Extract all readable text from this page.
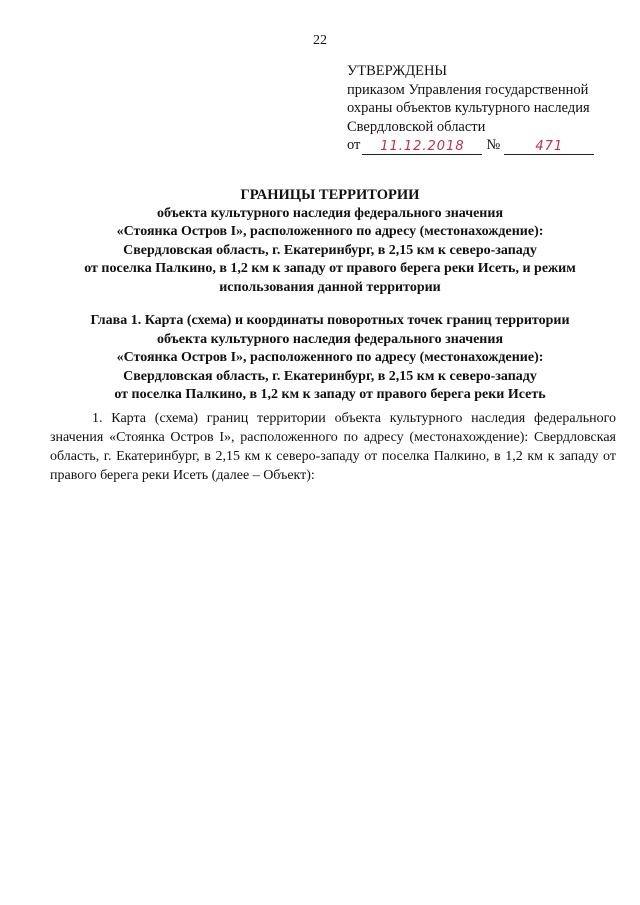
22
УТВЕРЖДЕНЫ
приказом Управления государственной
охраны объектов культурного наследия
Свердловской области
от	11.12.2018	№	471
ГРАНИЦЫ ТЕРРИТОРИИ
объекта культурного наследия федерального значения
«Стоянка Остров I», расположенного по адресу (местонахождение):
Свердловская область, г. Екатеринбург, в 2,15 км к северо-западу
от поселка Палкино, в 1,2 км к западу от правого берега реки Исеть, и режим
использования данной территории
Глава 1. Карта (схема) и координаты поворотных точек границ территории
объекта культурного наследия федерального значения
«Стоянка Остров I», расположенного по адресу (местонахождение):
Свердловская область, г. Екатеринбург, в 2,15 км к северо-западу
от поселка Палкино, в 1,2 км к западу от правого берега реки Исеть
1. Карта (схема) границ территории объекта культурного наследия федерального значения «Стоянка Остров I», расположенного по адресу (местонахождение): Свердловская область, г. Екатеринбург, в 2,15 км к северо-западу от поселка Палкино, в 1,2 км к западу от правого берега реки Исеть (далее – Объект):
